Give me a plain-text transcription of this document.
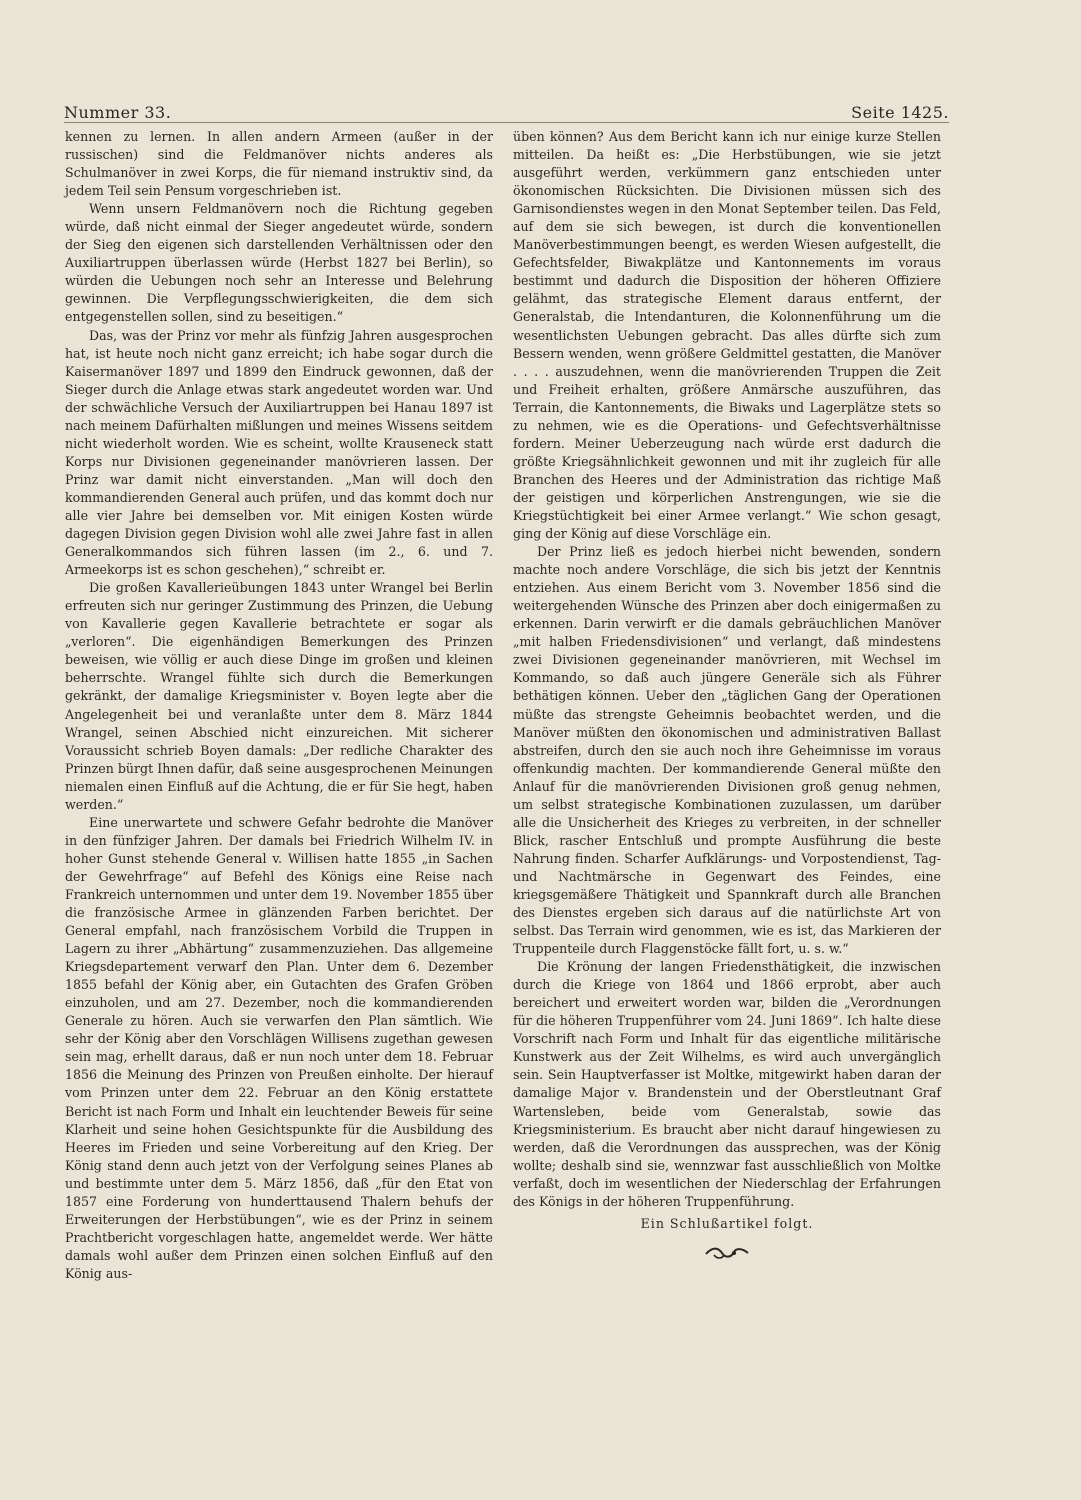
Nummer 33.	Seite 1425.

kennen zu lernen. In allen andern Armeen (außer in der russischen) sind die Feldmanöver nichts anderes als Schulmanöver in zwei Korps, die für niemand instruktiv sind, da jedem Teil sein Pensum vorgeschrieben ist.

Wenn unsern Feldmanövern noch die Richtung gegeben würde, daß nicht einmal der Sieger angedeutet würde, sondern der Sieg den eigenen sich darstellenden Verhältnissen oder den Auxiliartruppen überlassen würde (Herbst 1827 bei Berlin), so würden die Uebungen noch sehr an Interesse und Belehrung gewinnen. Die Verpflegungsschwierigkeiten, die dem sich entgegenstellen sollen, sind zu beseitigen.“

Das, was der Prinz vor mehr als fünfzig Jahren ausgesprochen hat, ist heute noch nicht ganz erreicht; ich habe sogar durch die Kaisermanöver 1897 und 1899 den Eindruck gewonnen, daß der Sieger durch die Anlage etwas stark angedeutet worden war. Und der schwächliche Versuch der Auxiliartruppen bei Hanau 1897 ist nach meinem Dafürhalten mißlungen und meines Wissens seitdem nicht wiederholt worden. Wie es scheint, wollte Krauseneck statt Korps nur Divisionen gegeneinander manövrieren lassen. Der Prinz war damit nicht einverstanden. „Man will doch den kommandierenden General auch prüfen, und das kommt doch nur alle vier Jahre bei demselben vor. Mit einigen Kosten würde dagegen Division gegen Division wohl alle zwei Jahre fast in allen Generalkommandos sich führen lassen (im 2., 6. und 7. Armeekorps ist es schon geschehen),“ schreibt er.

Die großen Kavallerieübungen 1843 unter Wrangel bei Berlin erfreuten sich nur geringer Zustimmung des Prinzen, die Uebung von Kavallerie gegen Kavallerie betrachtete er sogar als „verloren“. Die eigenhändigen Bemerkungen des Prinzen beweisen, wie völlig er auch diese Dinge im großen und kleinen beherrschte. Wrangel fühlte sich durch die Bemerkungen gekränkt, der damalige Kriegsminister v. Boyen legte aber die Angelegenheit bei und veranlaßte unter dem 8. März 1844 Wrangel, seinen Abschied nicht einzureichen. Mit sicherer Voraussicht schrieb Boyen damals: „Der redliche Charakter des Prinzen bürgt Ihnen dafür, daß seine ausgesprochenen Meinungen niemalen einen Einfluß auf die Achtung, die er für Sie hegt, haben werden.“

Eine unerwartete und schwere Gefahr bedrohte die Manöver in den fünfziger Jahren. Der damals bei Friedrich Wilhelm IV. in hoher Gunst stehende General v. Willisen hatte 1855 „in Sachen der Gewehrfrage“ auf Befehl des Königs eine Reise nach Frankreich unternommen und unter dem 19. November 1855 über die französische Armee in glänzenden Farben berichtet. Der General empfahl, nach französischem Vorbild die Truppen in Lagern zu ihrer „Abhärtung“ zusammenzuziehen. Das allgemeine Kriegsdepartement verwarf den Plan. Unter dem 6. Dezember 1855 befahl der König aber, ein Gutachten des Grafen Gröben einzuholen, und am 27. Dezember, noch die kommandierenden Generale zu hören. Auch sie verwarfen den Plan sämtlich. Wie sehr der König aber den Vorschlägen Willisens zugethan gewesen sein mag, erhellt daraus, daß er nun noch unter dem 18. Februar 1856 die Meinung des Prinzen von Preußen einholte. Der hierauf vom Prinzen unter dem 22. Februar an den König erstattete Bericht ist nach Form und Inhalt ein leuchtender Beweis für seine Klarheit und seine hohen Gesichtspunkte für die Ausbildung des Heeres im Frieden und seine Vorbereitung auf den Krieg. Der König stand denn auch jetzt von der Verfolgung seines Planes ab und bestimmte unter dem 5. März 1856, daß „für den Etat von 1857 eine Forderung von hunderttausend Thalern behufs der Erweiterungen der Herbstübungen“, wie es der Prinz in seinem Prachtbericht vorgeschlagen hatte, angemeldet werde. Wer hätte damals wohl außer dem Prinzen einen solchen Einfluß auf den König aus-

üben können? Aus dem Bericht kann ich nur einige kurze Stellen mitteilen. Da heißt es: „Die Herbstübungen, wie sie jetzt ausgeführt werden, verkümmern ganz entschieden unter ökonomischen Rücksichten. Die Divisionen müssen sich des Garnisondienstes wegen in den Monat September teilen. Das Feld, auf dem sie sich bewegen, ist durch die konventionellen Manöverbestimmungen beengt, es werden Wiesen aufgestellt, die Gefechtsfelder, Biwakplätze und Kantonnements im voraus bestimmt und dadurch die Disposition der höheren Offiziere gelähmt, das strategische Element daraus entfernt, der Generalstab, die Intendanturen, die Kolonnenführung um die wesentlichsten Uebungen gebracht. Das alles dürfte sich zum Bessern wenden, wenn größere Geldmittel gestatten, die Manöver . . . . auszudehnen, wenn die manövrierenden Truppen die Zeit und Freiheit erhalten, größere Anmärsche auszuführen, das Terrain, die Kantonnements, die Biwaks und Lagerplätze stets so zu nehmen, wie es die Operations- und Gefechtsverhältnisse fordern. Meiner Ueberzeugung nach würde erst dadurch die größte Kriegsähnlichkeit gewonnen und mit ihr zugleich für alle Branchen des Heeres und der Administration das richtige Maß der geistigen und körperlichen Anstrengungen, wie sie die Kriegstüchtigkeit bei einer Armee verlangt.“ Wie schon gesagt, ging der König auf diese Vorschläge ein.

Der Prinz ließ es jedoch hierbei nicht bewenden, sondern machte noch andere Vorschläge, die sich bis jetzt der Kenntnis entziehen. Aus einem Bericht vom 3. November 1856 sind die weitergehenden Wünsche des Prinzen aber doch einigermaßen zu erkennen. Darin verwirft er die damals gebräuchlichen Manöver „mit halben Friedensdivisionen“ und verlangt, daß mindestens zwei Divisionen gegeneinander manövrieren, mit Wechsel im Kommando, so daß auch jüngere Generäle sich als Führer bethätigen können. Ueber den „täglichen Gang der Operationen müßte das strengste Geheimnis beobachtet werden, und die Manöver müßten den ökonomischen und administrativen Ballast abstreifen, durch den sie auch noch ihre Geheimnisse im voraus offenkundig machten. Der kommandierende General müßte den Anlauf für die manövrierenden Divisionen groß genug nehmen, um selbst strategische Kombinationen zuzulassen, um darüber alle die Unsicherheit des Krieges zu verbreiten, in der schneller Blick, rascher Entschluß und prompte Ausführung die beste Nahrung finden. Scharfer Aufklärungs- und Vorpostendienst, Tag- und Nachtmärsche in Gegenwart des Feindes, eine kriegsgemäßere Thätigkeit und Spannkraft durch alle Branchen des Dienstes ergeben sich daraus auf die natürlichste Art von selbst. Das Terrain wird genommen, wie es ist, das Markieren der Truppenteile durch Flaggenstöcke fällt fort, u. s. w.“

Die Krönung der langen Friedensthätigkeit, die inzwischen durch die Kriege von 1864 und 1866 erprobt, aber auch bereichert und erweitert worden war, bilden die „Verordnungen für die höheren Truppenführer vom 24. Juni 1869“. Ich halte diese Vorschrift nach Form und Inhalt für das eigentliche militärische Kunstwerk aus der Zeit Wilhelms, es wird auch unvergänglich sein. Sein Hauptverfasser ist Moltke, mitgewirkt haben daran der damalige Major v. Brandenstein und der Oberstleutnant Graf Wartensleben, beide vom Generalstab, sowie das Kriegsministerium. Es braucht aber nicht darauf hingewiesen zu werden, daß die Verordnungen das aussprechen, was der König wollte; deshalb sind sie, wennzwar fast ausschließlich von Moltke verfaßt, doch im wesentlichen der Niederschlag der Erfahrungen des Königs in der höheren Truppenführung.

Ein Schlußartikel folgt.
